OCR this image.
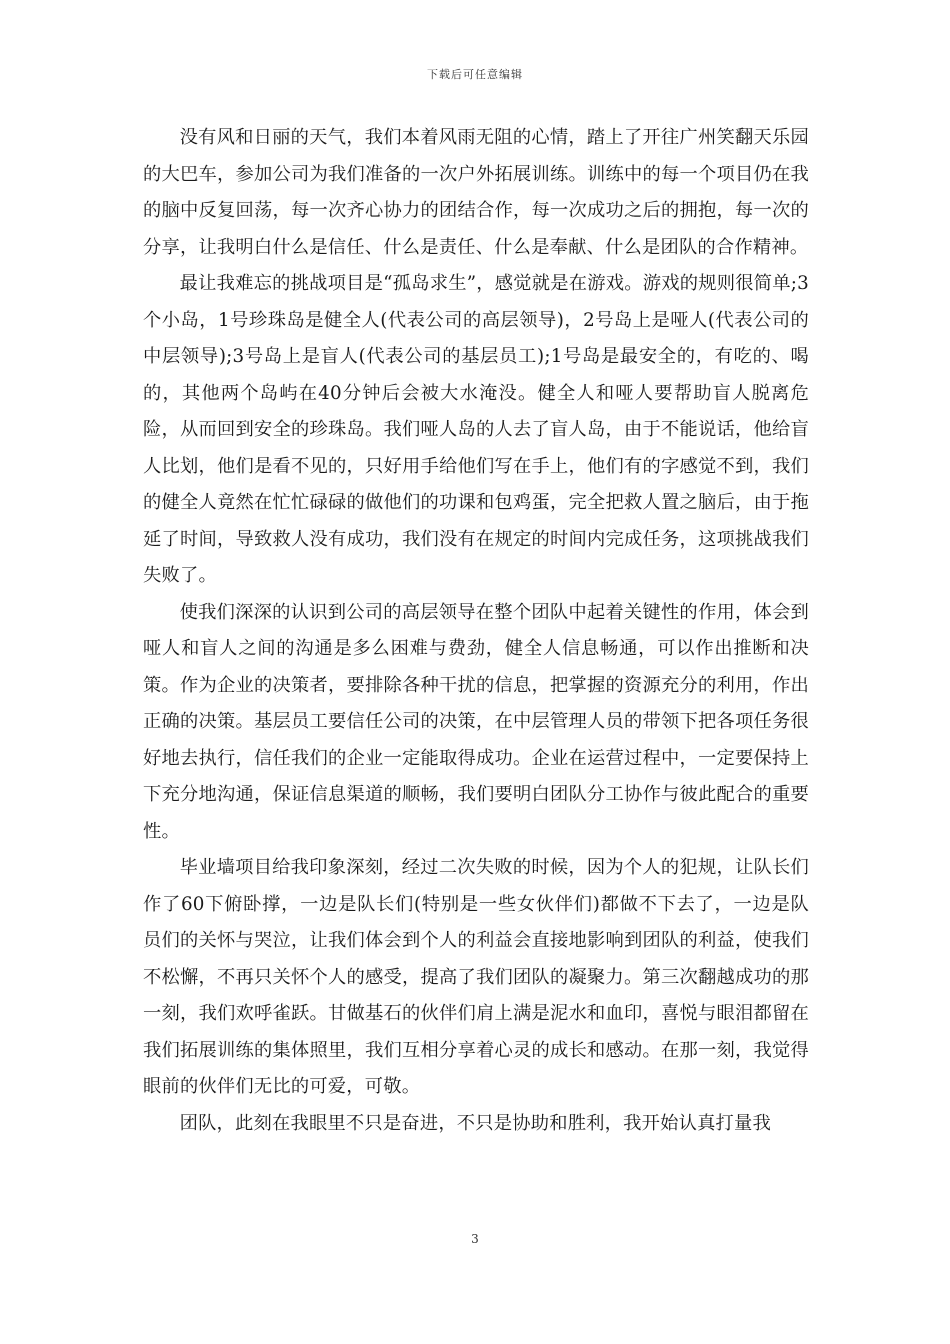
下载后可任意编辑

没有风和日丽的天气，我们本着风雨无阻的心情，踏上了开往广州笑翻天乐园的大巴车，参加公司为我们准备的一次户外拓展训练。训练中的每一个项目仍在我的脑中反复回荡，每一次齐心协力的团结合作，每一次成功之后的拥抱，每一次的分享，让我明白什么是信任、什么是责任、什么是奉献、什么是团队的合作精神。

最让我难忘的挑战项目是“孤岛求生”，感觉就是在游戏。游戏的规则很简单;3个小岛，1号珍珠岛是健全人(代表公司的高层领导)，2号岛上是哑人(代表公司的中层领导);3号岛上是盲人(代表公司的基层员工);1号岛是最安全的，有吃的、喝的，其他两个岛屿在40分钟后会被大水淹没。健全人和哑人要帮助盲人脱离危险，从而回到安全的珍珠岛。我们哑人岛的人去了盲人岛，由于不能说话，他给盲人比划，他们是看不见的，只好用手给他们写在手上，他们有的字感觉不到，我们的健全人竟然在忙忙碌碌的做他们的功课和包鸡蛋，完全把救人置之脑后，由于拖延了时间，导致救人没有成功，我们没有在规定的时间内完成任务，这项挑战我们失败了。

使我们深深的认识到公司的高层领导在整个团队中起着关键性的作用，体会到哑人和盲人之间的沟通是多么困难与费劲，健全人信息畅通，可以作出推断和决策。作为企业的决策者，要排除各种干扰的信息，把掌握的资源充分的利用，作出正确的决策。基层员工要信任公司的决策，在中层管理人员的带领下把各项任务很好地去执行，信任我们的企业一定能取得成功。企业在运营过程中，一定要保持上下充分地沟通，保证信息渠道的顺畅，我们要明白团队分工协作与彼此配合的重要性。

毕业墙项目给我印象深刻，经过二次失败的时候，因为个人的犯规，让队长们作了60下俯卧撑，一边是队长们(特别是一些女伙伴们)都做不下去了，一边是队员们的关怀与哭泣，让我们体会到个人的利益会直接地影响到团队的利益，使我们不松懈，不再只关怀个人的感受，提高了我们团队的凝聚力。第三次翻越成功的那一刻，我们欢呼雀跃。甘做基石的伙伴们肩上满是泥水和血印，喜悦与眼泪都留在我们拓展训练的集体照里，我们互相分享着心灵的成长和感动。在那一刻，我觉得眼前的伙伴们无比的可爱，可敬。

团队，此刻在我眼里不只是奋进，不只是协助和胜利，我开始认真打量我

3
